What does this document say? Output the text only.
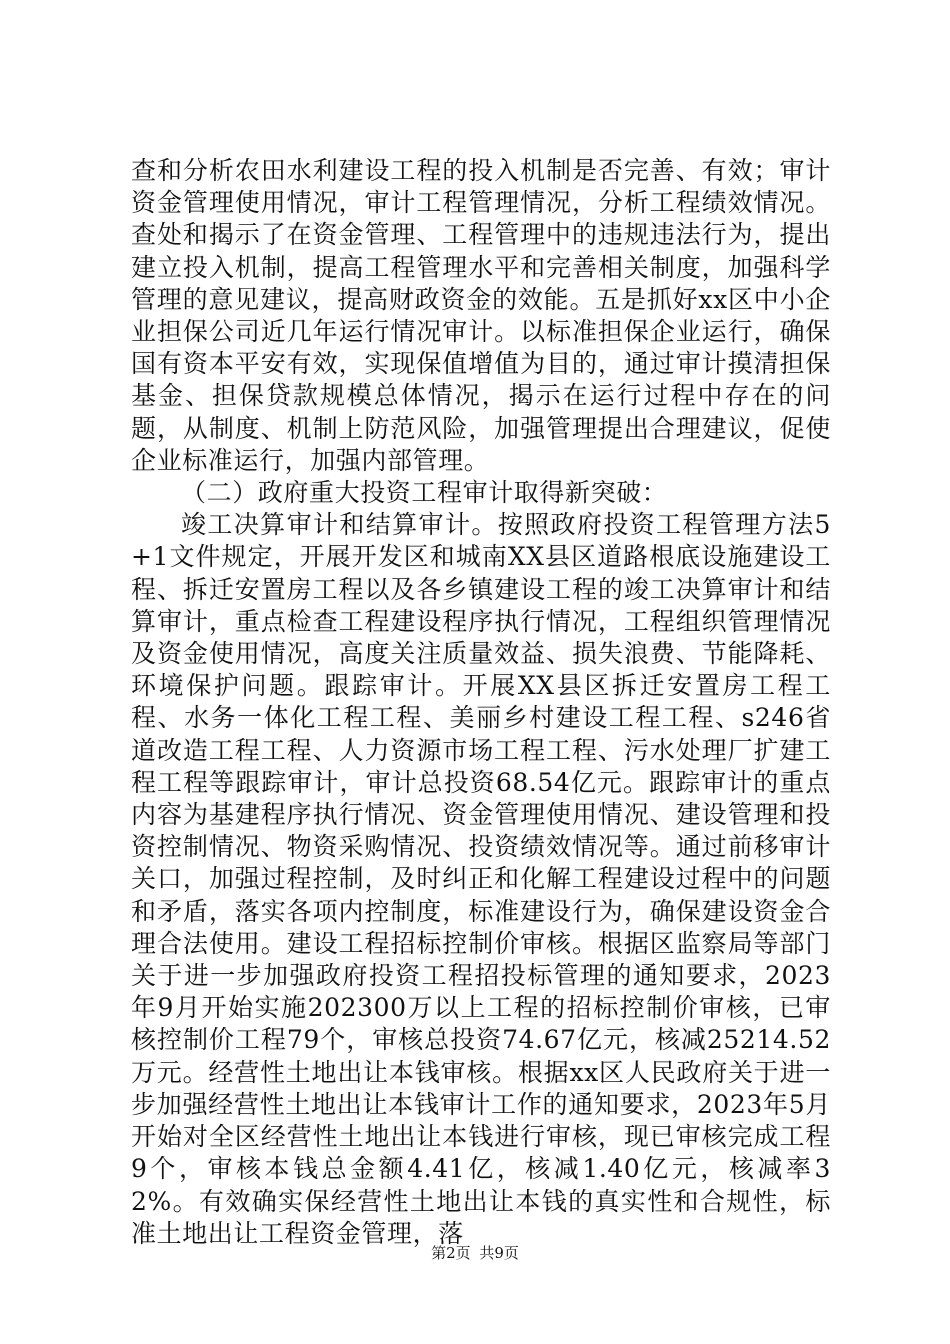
查和分析农田水利建设工程的投入机制是否完善、有效；审计资金管理使用情况，审计工程管理情况，分析工程绩效情况。查处和揭示了在资金管理、工程管理中的违规违法行为，提出建立投入机制，提高工程管理水平和完善相关制度，加强科学管理的意见建议，提高财政资金的效能。五是抓好xx区中小企业担保公司近几年运行情况审计。以标准担保企业运行，确保国有资本平安有效，实现保值增值为目的，通过审计摸清担保基金、担保贷款规模总体情况，揭示在运行过程中存在的问题，从制度、机制上防范风险，加强管理提出合理建议，促使企业标准运行，加强内部管理。

（二）政府重大投资工程审计取得新突破：

竣工决算审计和结算审计。按照政府投资工程管理方法5+1文件规定，开展开发区和城南XX县区道路根底设施建设工程、拆迁安置房工程以及各乡镇建设工程的竣工决算审计和结算审计，重点检查工程建设程序执行情况，工程组织管理情况及资金使用情况，高度关注质量效益、损失浪费、节能降耗、环境保护问题。跟踪审计。开展XX县区拆迁安置房工程工程、水务一体化工程工程、美丽乡村建设工程工程、s246省道改造工程工程、人力资源市场工程工程、污水处理厂扩建工程工程等跟踪审计，审计总投资68.54亿元。跟踪审计的重点内容为基建程序执行情况、资金管理使用情况、建设管理和投资控制情况、物资采购情况、投资绩效情况等。通过前移审计关口，加强过程控制，及时纠正和化解工程建设过程中的问题和矛盾，落实各项内控制度，标准建设行为，确保建设资金合理合法使用。建设工程招标控制价审核。根据区监察局等部门关于进一步加强政府投资工程招投标管理的通知要求，2023年9月开始实施202300万以上工程的招标控制价审核，已审核控制价工程79个，审核总投资74.67亿元，核减25214.52万元。经营性土地出让本钱审核。根据xx区人民政府关于进一步加强经营性土地出让本钱审计工作的通知要求，2023年5月开始对全区经营性土地出让本钱进行审核，现已审核完成工程9个，审核本钱总金额4.41亿，核减1.40亿元，核减率32%。有效确实保经营性土地出让本钱的真实性和合规性，标准土地出让工程资金管理，落

第2页 共9页
